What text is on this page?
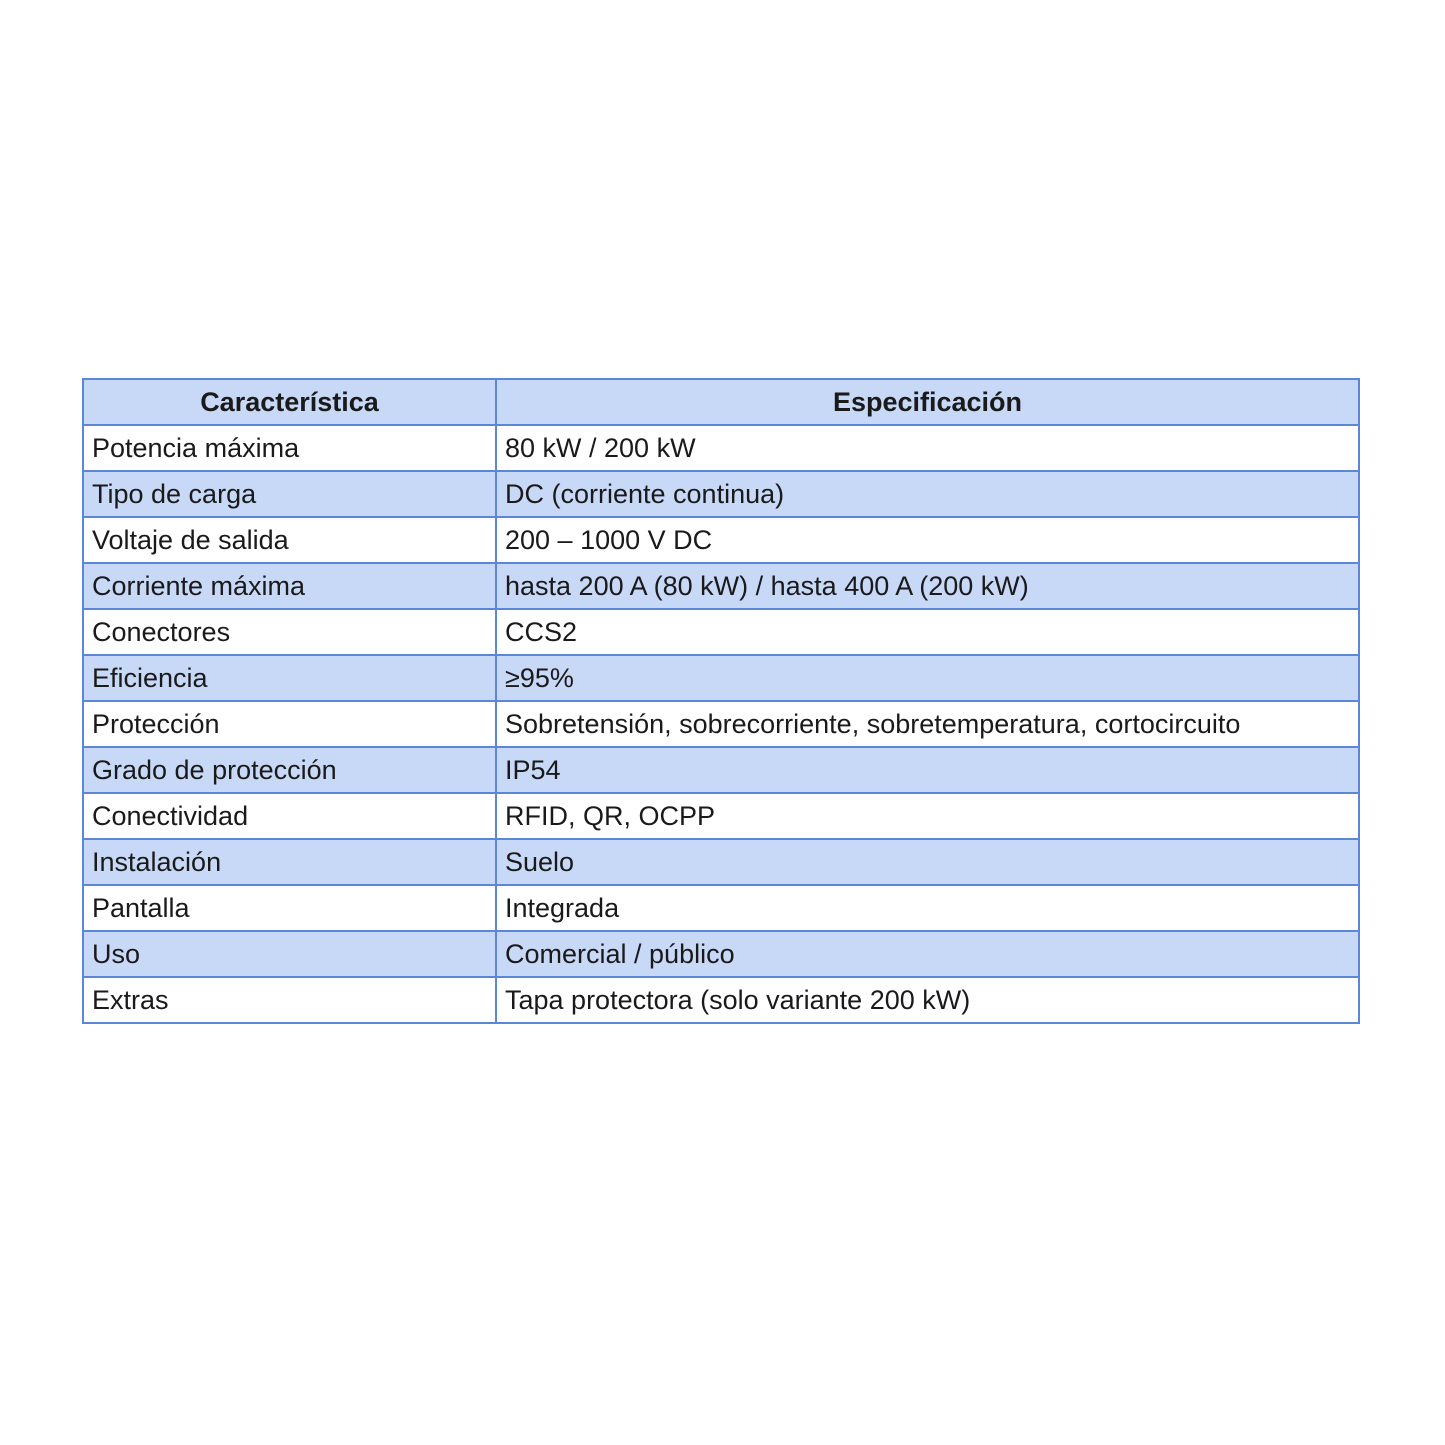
Característica	Especificación
Potencia máxima	80 kW / 200 kW
Tipo de carga	DC (corriente continua)
Voltaje de salida	200 – 1000 V DC
Corriente máxima	hasta 200 A (80 kW) / hasta 400 A (200 kW)
Conectores	CCS2
Eficiencia	≥95%
Protección	Sobretensión, sobrecorriente, sobretemperatura, cortocircuito
Grado de protección	IP54
Conectividad	RFID, QR, OCPP
Instalación	Suelo
Pantalla	Integrada
Uso	Comercial / público
Extras	Tapa protectora (solo variante 200 kW)
